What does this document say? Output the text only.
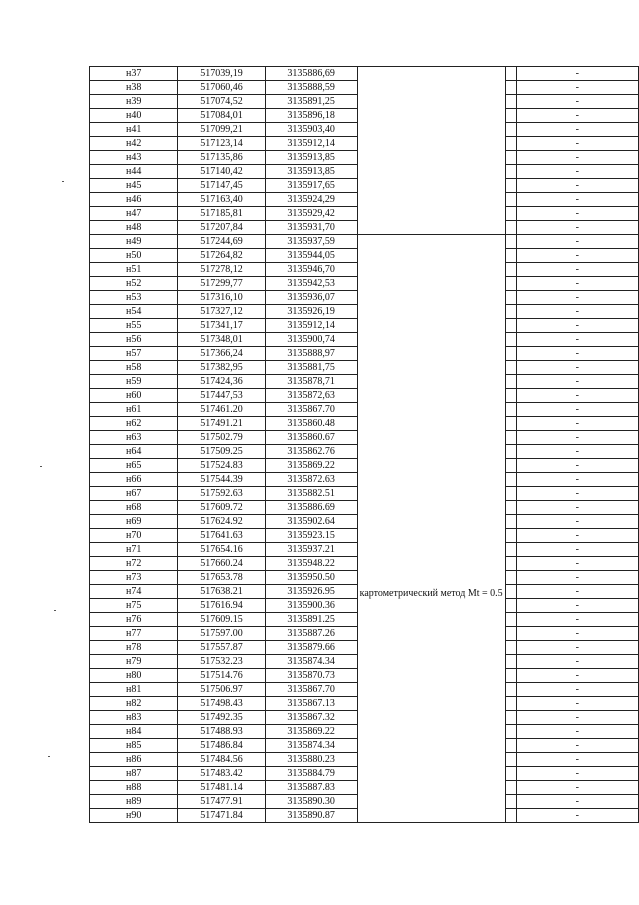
н37	517039,19	3135886,69			-
н38	517060,46	3135888,59			-
н39	517074,52	3135891,25			-
н40	517084,01	3135896,18			-
н41	517099,21	3135903,40			-
н42	517123,14	3135912,14			-
н43	517135,86	3135913,85			-
н44	517140,42	3135913,85			-
н45	517147,45	3135917,65			-
н46	517163,40	3135924,29			-
н47	517185,81	3135929,42			-
н48	517207,84	3135931,70			-
н49	517244,69	3135937,59	картометрический метод Mt = 0.5		-
н50	517264,82	3135944,05			-
н51	517278,12	3135946,70			-
н52	517299,77	3135942,53			-
н53	517316,10	3135936,07			-
н54	517327,12	3135926,19			-
н55	517341,17	3135912,14			-
н56	517348,01	3135900,74			-
н57	517366,24	3135888,97			-
н58	517382,95	3135881,75			-
н59	517424,36	3135878,71			-
н60	517447,53	3135872,63			-
н61	517461.20	3135867.70			-
н62	517491.21	3135860.48			-
н63	517502.79	3135860.67			-
н64	517509.25	3135862.76			-
н65	517524.83	3135869.22			-
н66	517544.39	3135872.63			-
н67	517592.63	3135882.51			-
н68	517609.72	3135886.69			-
н69	517624.92	3135902.64			-
н70	517641.63	3135923.15			-
н71	517654.16	3135937.21			-
н72	517660.24	3135948.22			-
н73	517653.78	3135950.50			-
н74	517638.21	3135926.95			-
н75	517616.94	3135900.36			-
н76	517609.15	3135891.25			-
н77	517597.00	3135887.26			-
н78	517557.87	3135879.66			-
н79	517532.23	3135874.34			-
н80	517514.76	3135870.73			-
н81	517506.97	3135867.70			-
н82	517498.43	3135867.13			-
н83	517492.35	3135867.32			-
н84	517488.93	3135869.22			-
н85	517486.84	3135874.34			-
н86	517484.56	3135880.23			-
н87	517483.42	3135884.79			-
н88	517481.14	3135887.83			-
н89	517477.91	3135890.30			-
н90	517471.84	3135890.87			-
